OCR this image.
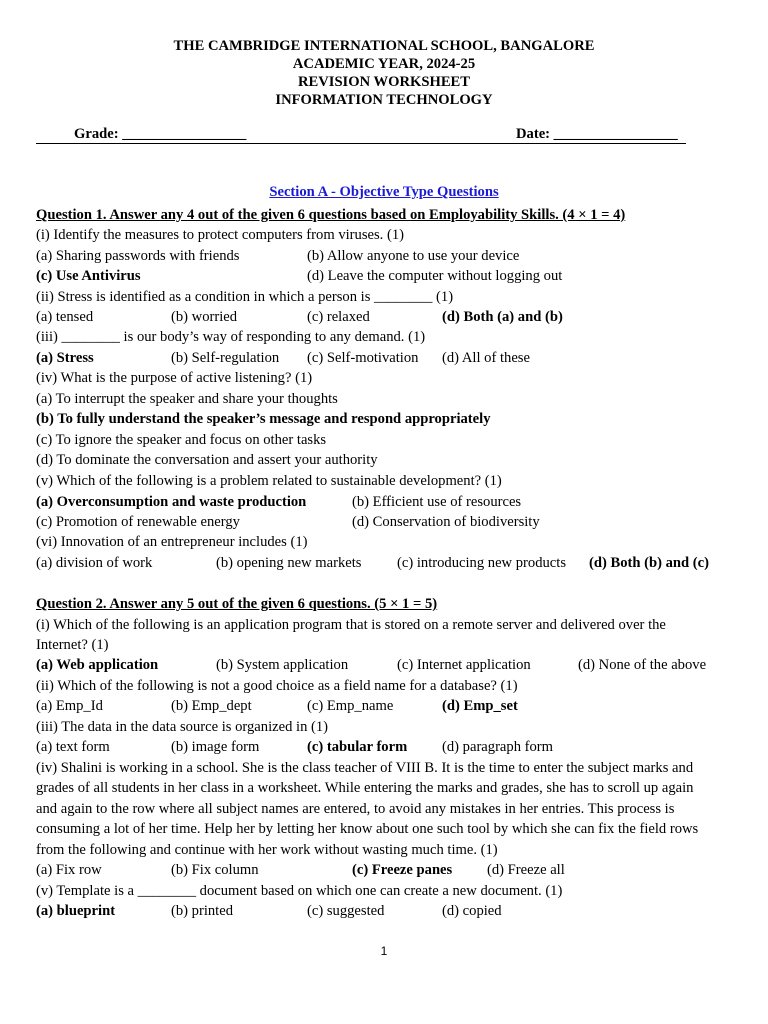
THE CAMBRIDGE INTERNATIONAL SCHOOL, BANGALORE
ACADEMIC YEAR, 2024-25
REVISION WORKSHEET
INFORMATION TECHNOLOGY
Grade: _________________	Date: _________________
Section A - Objective Type Questions
Question 1. Answer any 4 out of the given 6 questions based on Employability Skills. (4 × 1 = 4)
(i) Identify the measures to protect computers from viruses. (1)
(a) Sharing passwords with friends	(b) Allow anyone to use your device
(c) Use Antivirus	(d) Leave the computer without logging out
(ii) Stress is identified as a condition in which a person is ________ (1)
(a) tensed	(b) worried	(c) relaxed	(d) Both (a) and (b)
(iii) ________ is our body’s way of responding to any demand. (1)
(a) Stress	(b) Self-regulation (c) Self-motivation (d) All of these
(iv) What is the purpose of active listening? (1)
(a) To interrupt the speaker and share your thoughts
(b) To fully understand the speaker’s message and respond appropriately
(c) To ignore the speaker and focus on other tasks
(d) To dominate the conversation and assert your authority
(v) Which of the following is a problem related to sustainable development? (1)
(a) Overconsumption and waste production	(b) Efficient use of resources
(c) Promotion of renewable energy	(d) Conservation of biodiversity
(vi) Innovation of an entrepreneur includes (1)
(a) division of work	(b) opening new markets (c) introducing new products (d) Both (b) and (c)
Question 2. Answer any 5 out of the given 6 questions. (5 × 1 = 5)
(i) Which of the following is an application program that is stored on a remote server and delivered over the
Internet? (1)
(a) Web application	(b) System application	(c) Internet application	(d) None of the above
(ii) Which of the following is not a good choice as a field name for a database? (1)
(a) Emp_Id	(b) Emp_dept	(c) Emp_name	(d) Emp_set
(iii) The data in the data source is organized in (1)
(a) text form	(b) image form	(c) tabular form (d) paragraph form
(iv) Shalini is working in a school. She is the class teacher of VIII B. It is the time to enter the subject marks and
grades of all students in her class in a worksheet. While entering the marks and grades, she has to scroll up again
and again to the row where all subject names are entered, to avoid any mistakes in her entries. This process is
consuming a lot of her time. Help her by letting her know about one such tool by which she can fix the field rows
from the following and continue with her work without wasting much time. (1)
(a) Fix row	(b) Fix column	(c) Freeze panes (d) Freeze all
(v) Template is a ________ document based on which one can create a new document. (1)
(a) blueprint	(b) printed	(c) suggested	(d) copied
1
